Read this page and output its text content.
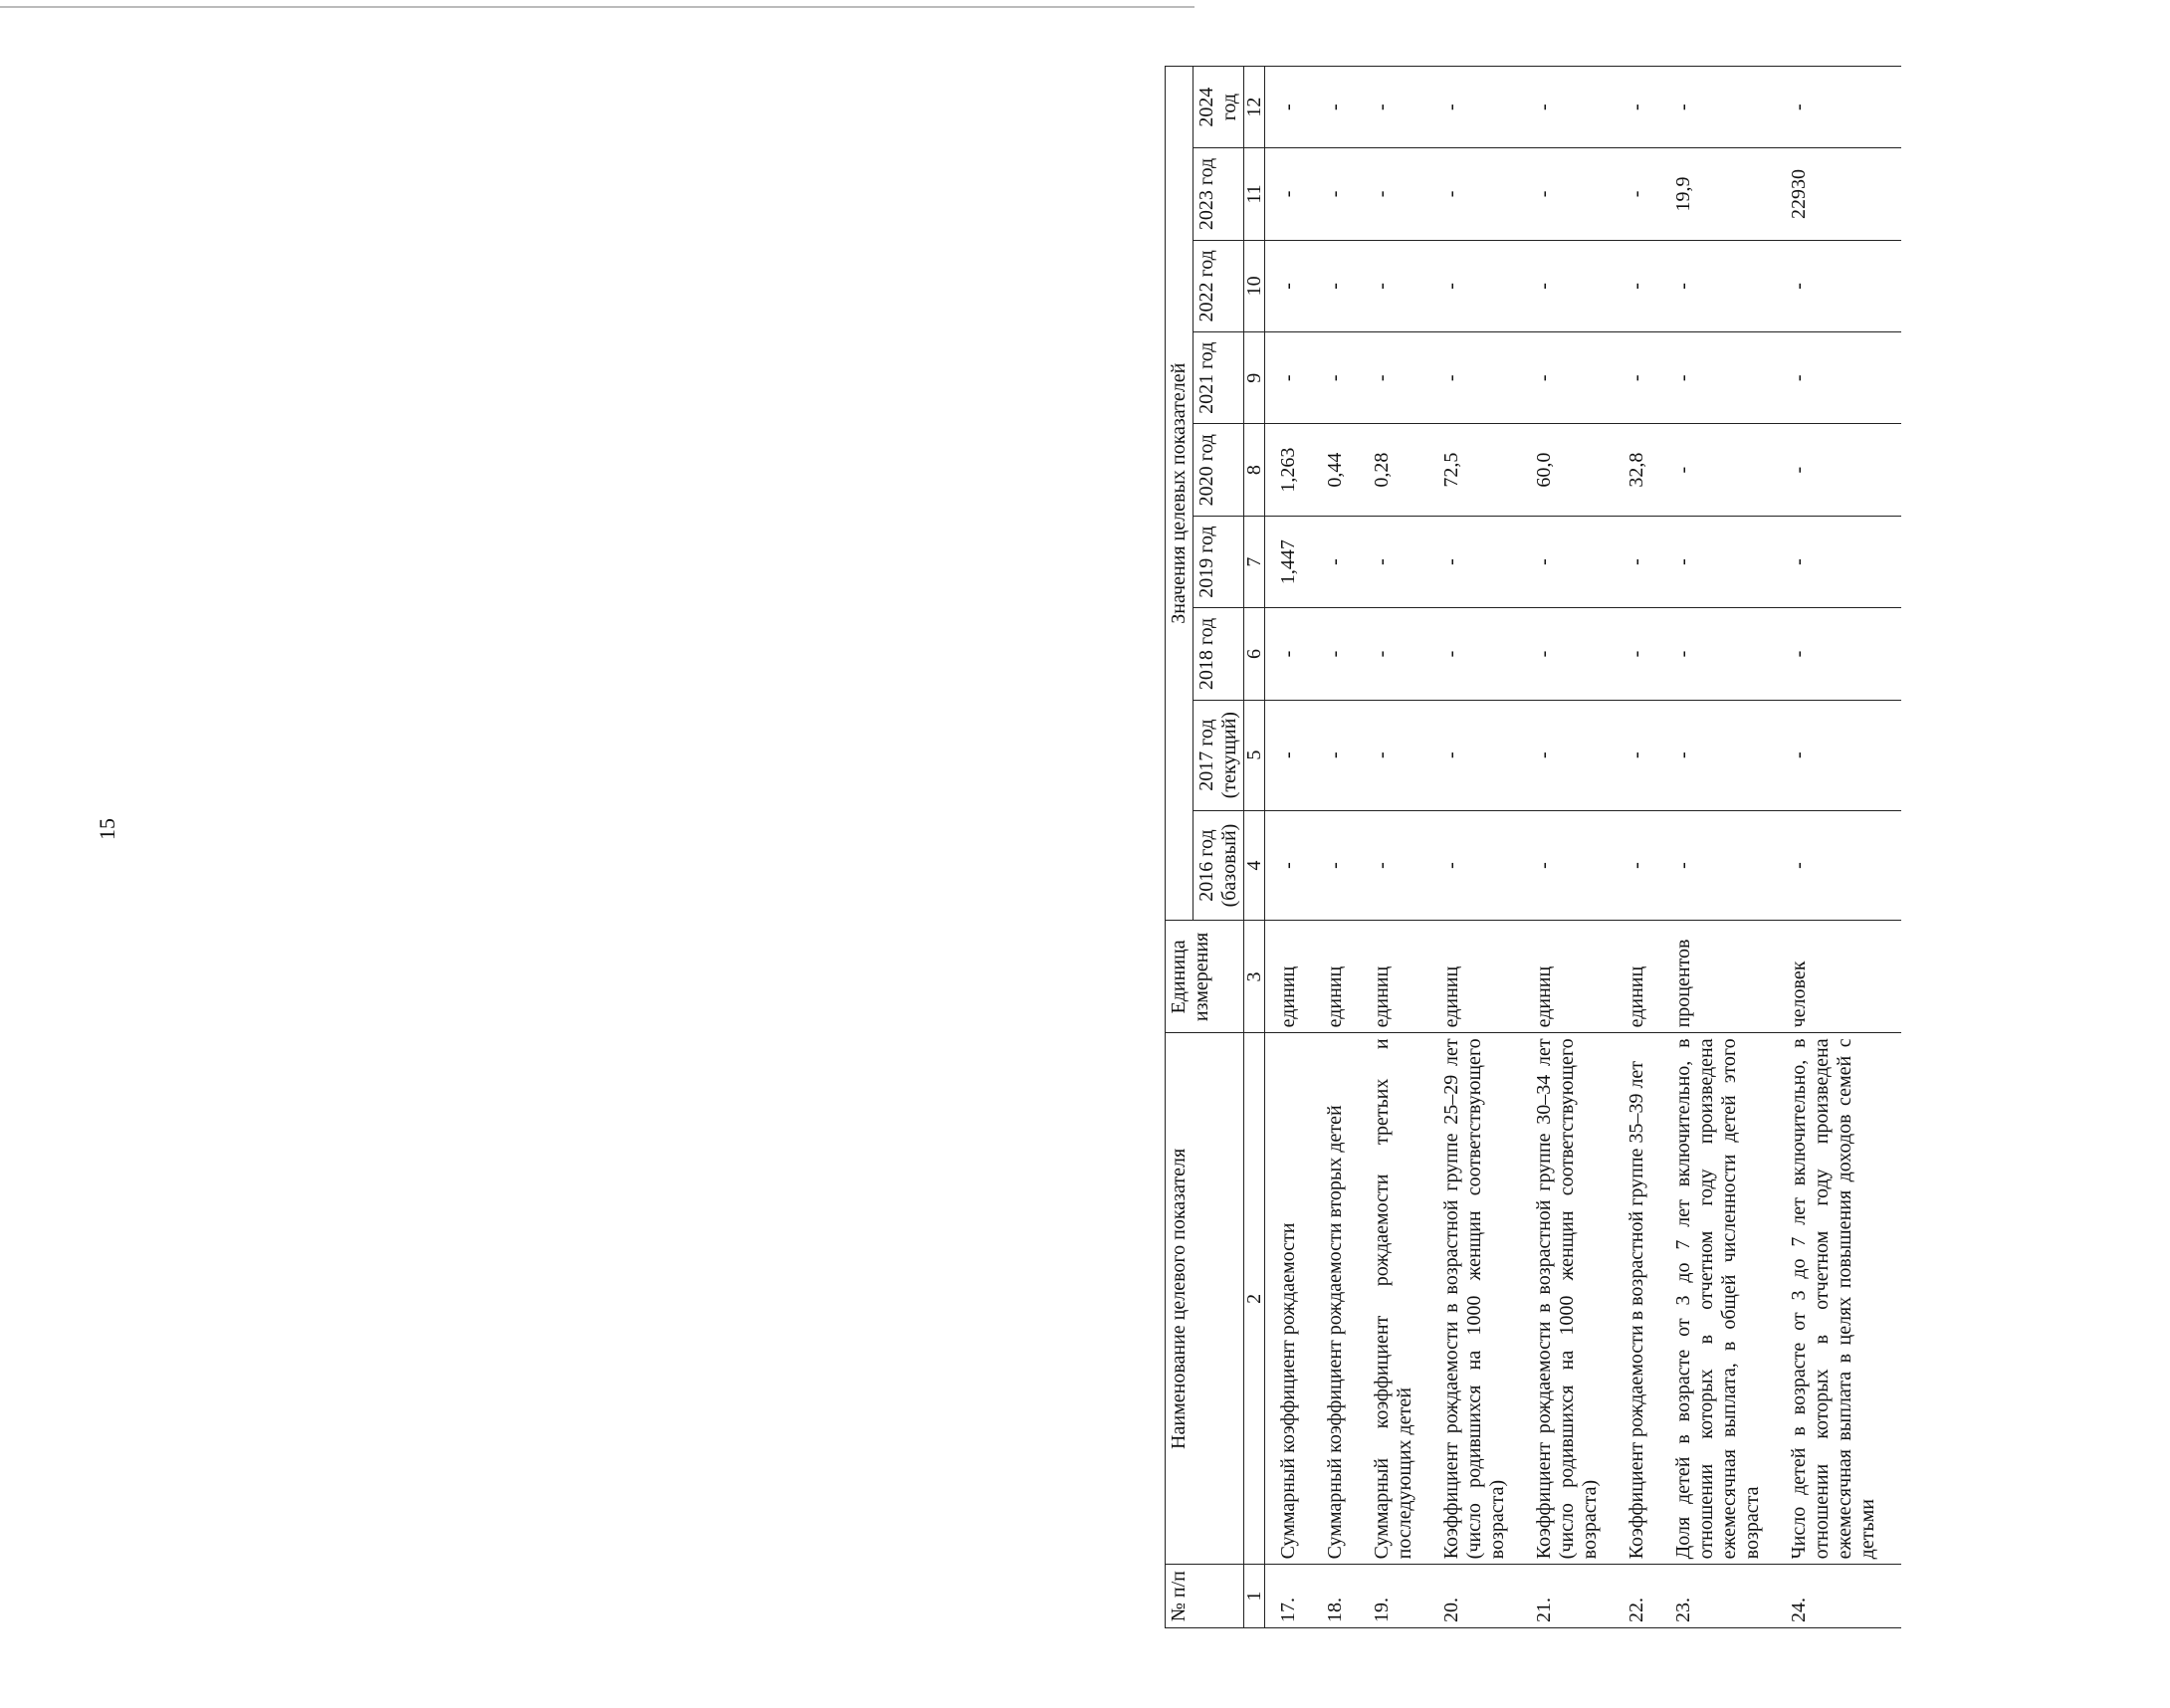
15
№ п/п	Наименование целевого показателя	Единица измерения	Значения целевых показателей								
			2016 год (базовый)	2017 год (текущий)	2018 год	2019 год	2020 год	2021 год	2022 год	2023 год	2024 год
1	2	3	4	5	6	7	8	9	10	11	12
17.	Суммарный коэффициент рождаемости	единиц	-	-	-	1,447	1,263	-	-	-	-
18.	Суммарный коэффициент рождаемости вторых детей	единиц	-	-	-	-	0,44	-	-	-	-
19.	Суммарный коэффициент рождаемости третьих и последующих детей	единиц	-	-	-	-	0,28	-	-	-	-
20.	Коэффициент рождаемости в возрастной группе 25–29 лет (число родившихся на 1000 женщин соответствующего возраста)	единиц	-	-	-	-	72,5	-	-	-	-
21.	Коэффициент рождаемости в возрастной группе 30–34 лет (число родившихся на 1000 женщин соответствующего возраста)	единиц	-	-	-	-	60,0	-	-	-	-
22.	Коэффициент рождаемости в возрастной группе 35–39 лет	единиц	-	-	-	-	32,8	-	-	-	-
23.	Доля детей в возрасте от 3 до 7 лет включительно, в отношении которых в отчетном году произведена ежемесячная выплата, в общей численности детей этого возраста	процентов	-	-	-	-	-	-	-	19,9	-
24.	Число детей в возрасте от 3 до 7 лет включительно, в отношении которых в отчетном году произведена ежемесячная выплата в целях повышения доходов семей с детьми	человек	-	-	-	-	-	-	-	22930	-
